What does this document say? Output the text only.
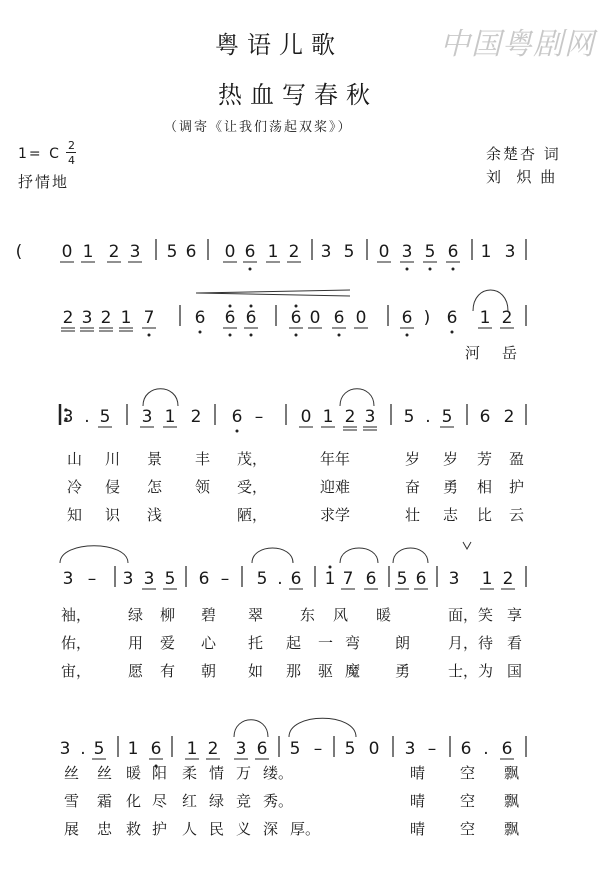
粤语儿歌
热血写春秋
（调寄《让我们荡起双桨》）
中国粤剧网
1= C
2
4
抒情地
余楚杏 词
刘  炽 曲
( 0 1 2 3 5 6 0 6 1 2 3 5 0 3 5 6 1 3
2 3 2 1 7 6 6 6 6 0 6 0 6 ) 6 1 2
河 岳
3 . 5 3 1 2 6 – 0 1 2 3 5 . 5 6 2
山 川 景 丰 茂，	年年	岁 岁 芳 盈
冷 侵 怎 领 受，	迎难	奋 勇 相 护
知 识 浅	陋，	求学	壮 志 比 云
3 – 3 3 5 6 – 5 . 6 1 7 6 5 6 3 1 2
袖， 绿 柳 碧 翠 东 风 暖	面， 笑 享
佑， 用 爱 心 托 起 一 弯 朗	月， 待 看
宙， 愿 有 朝 如 那 驱 魔 勇	士， 为 国
3 . 5 1 6 1 2 3 6 5 – 5 0 3 – 6 . 6
丝 丝 暖 阳 柔 情 万 缕。	晴 空 飘
雪 霜 化 尽 红 绿 竞 秀。	晴 空 飘
展 忠 救 护 人 民 义 深 厚。	晴 空 飘
